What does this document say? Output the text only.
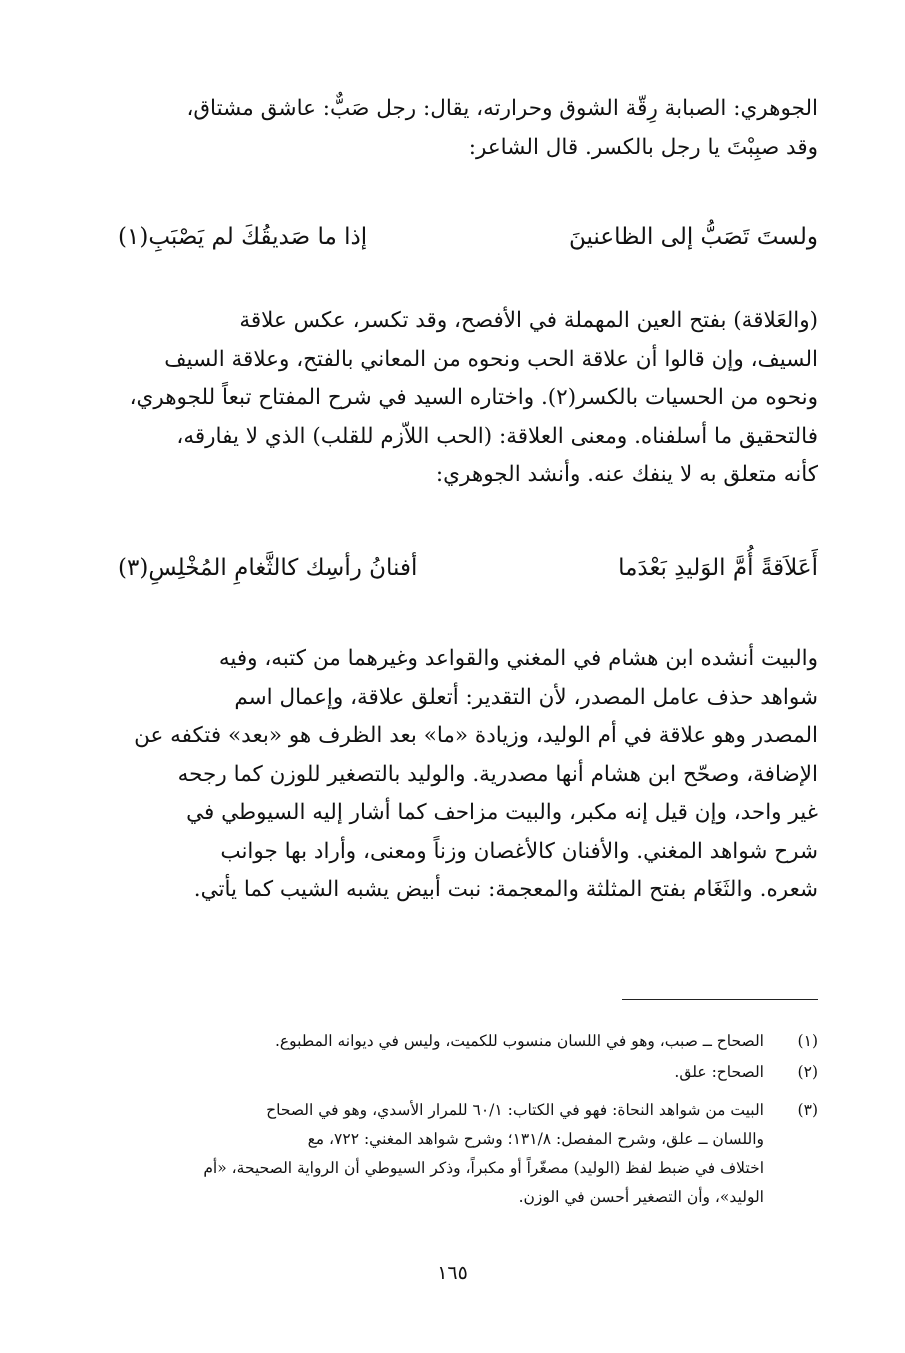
الجوهري: الصبابة رِقّة الشوق وحرارته، يقال: رجل صَبٌّ: عاشق مشتاق،
وقد صبِبْتَ يا رجل بالكسر. قال الشاعر:
ولستَ تَصَبُّ إلى الظاعنينَ
إذا ما صَديقُكَ لم يَصْبَبِ(١)
(والعَلاقة) بفتح العين المهملة في الأفصح، وقد تكسر، عكس علاقة
السيف، وإن قالوا أن علاقة الحب ونحوه من المعاني بالفتح، وعلاقة السيف
ونحوه من الحسيات بالكسر(٢). واختاره السيد في شرح المفتاح تبعاً للجوهري،
فالتحقيق ما أسلفناه. ومعنى العلاقة: (الحب اللاّزم للقلب) الذي لا يفارقه،
كأنه متعلق به لا ينفك عنه. وأنشد الجوهري:
أَعَلاَقةً أُمَّ الوَليدِ بَعْدَما
أفنانُ رأسِك كالثَّغامِ المُخْلِسِ(٣)
والبيت أنشده ابن هشام في المغني والقواعد وغيرهما من كتبه، وفيه
شواهد حذف عامل المصدر، لأن التقدير: أتعلق علاقة، وإعمال اسم
المصدر وهو علاقة في أم الوليد، وزيادة «ما» بعد الظرف هو «بعد» فتكفه عن
الإضافة، وصحّح ابن هشام أنها مصدرية. والوليد بالتصغير للوزن كما رجحه
غير واحد، وإن قيل إنه مكبر، والبيت مزاحف كما أشار إليه السيوطي في
شرح شواهد المغني. والأفنان كالأغصان وزناً ومعنى، وأراد بها جوانب
شعره. والثَغَام بفتح المثلثة والمعجمة: نبت أبيض يشبه الشيب كما يأتي.
(١)
الصحاح ــ صبب، وهو في اللسان منسوب للكميت، وليس في ديوانه المطبوع.
(٢)
الصحاح: علق.
(٣)
البيت من شواهد النحاة: فهو في الكتاب: ٦٠/١ للمرار الأسدي، وهو في الصحاح
واللسان ــ علق، وشرح المفصل: ١٣١/٨؛ وشرح شواهد المغني: ٧٢٢، مع
اختلاف في ضبط لفظ (الوليد) مصغّراً أو مكبراً، وذكر السيوطي أن الرواية الصحيحة، «أم
الوليد»، وأن التصغير أحسن في الوزن.
١٦٥
